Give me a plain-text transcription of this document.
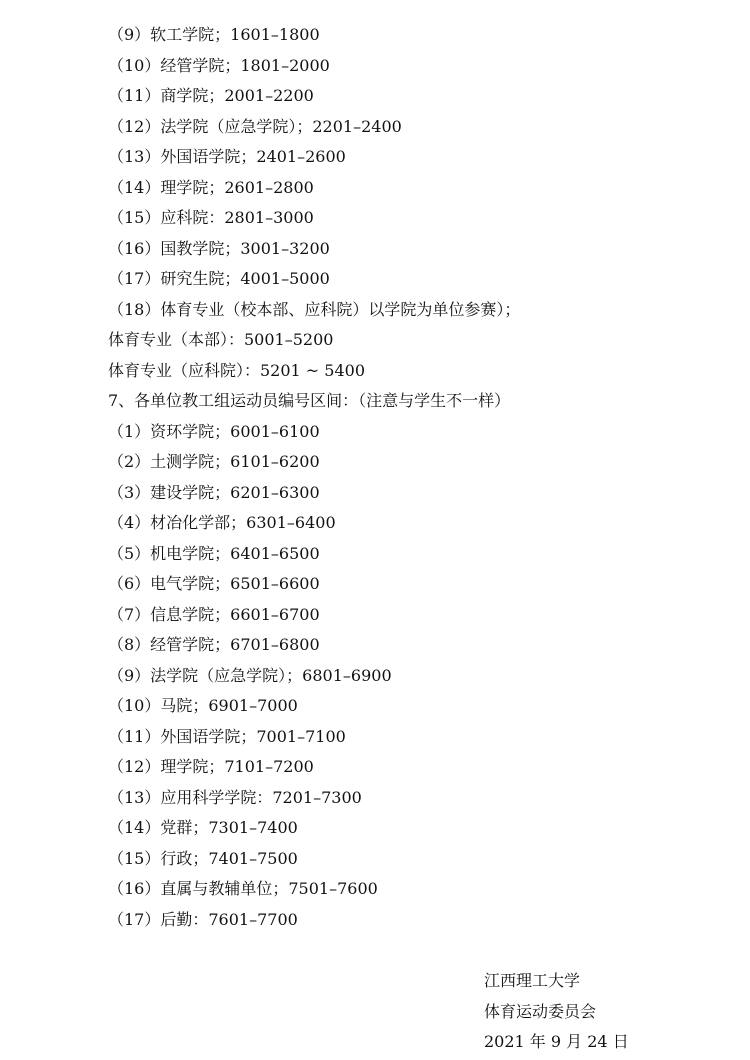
（9）软工学院；1601–1800
（10）经管学院；1801–2000
（11）商学院；2001–2200
（12）法学院（应急学院）；2201–2400
（13）外国语学院；2401–2600
（14）理学院；2601–2800
（15）应科院：2801–3000
（16）国教学院；3001–3200
（17）研究生院；4001–5000
（18）体育专业（校本部、应科院）以学院为单位参赛）；
体育专业（本部）：5001–5200
体育专业（应科院）：5201 ~ 5400
7、各单位教工组运动员编号区间：（注意与学生不一样）
（1）资环学院；6001–6100
（2）土测学院；6101–6200
（3）建设学院；6201–6300
（4）材冶化学部；6301–6400
（5）机电学院；6401–6500
（6）电气学院；6501–6600
（7）信息学院；6601–6700
（8）经管学院；6701–6800
（9）法学院（应急学院）；6801–6900
（10）马院；6901–7000
（11）外国语学院；7001–7100
（12）理学院；7101–7200
（13）应用科学学院：7201–7300
（14）党群；7301–7400
（15）行政；7401–7500
（16）直属与教辅单位；7501–7600
（17）后勤：7601–7700
江西理工大学
体育运动委员会
2021 年 9 月 24 日
